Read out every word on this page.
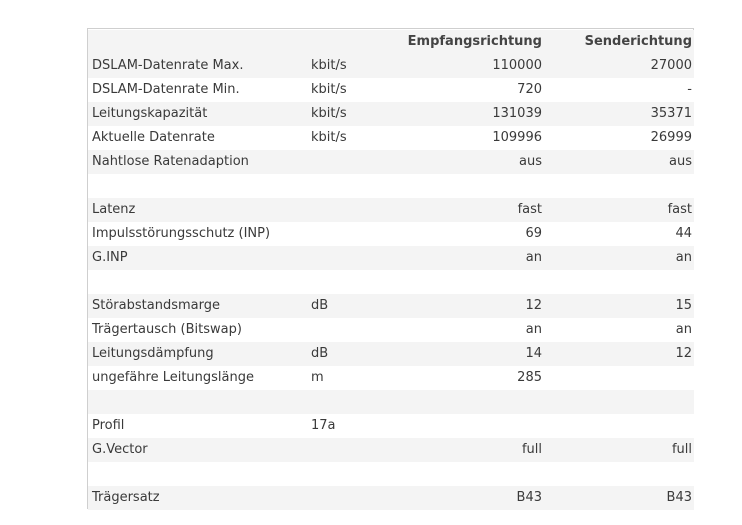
		Empfangsrichtung	Senderichtung
DSLAM-Datenrate Max.	kbit/s	110000	27000
DSLAM-Datenrate Min.	kbit/s	720	-
Leitungskapazität	kbit/s	131039	35371
Aktuelle Datenrate	kbit/s	109996	26999
Nahtlose Ratenadaption		aus	aus

Latenz		fast	fast
Impulsstörungsschutz (INP)		69	44
G.INP		an	an

Störabstandsmarge	dB	12	15
Trägertausch (Bitswap)		an	an
Leitungsdämpfung	dB	14	12
ungefähre Leitungslänge	m	285	

Profil	17a		
G.Vector		full	full

Trägersatz		B43	B43
